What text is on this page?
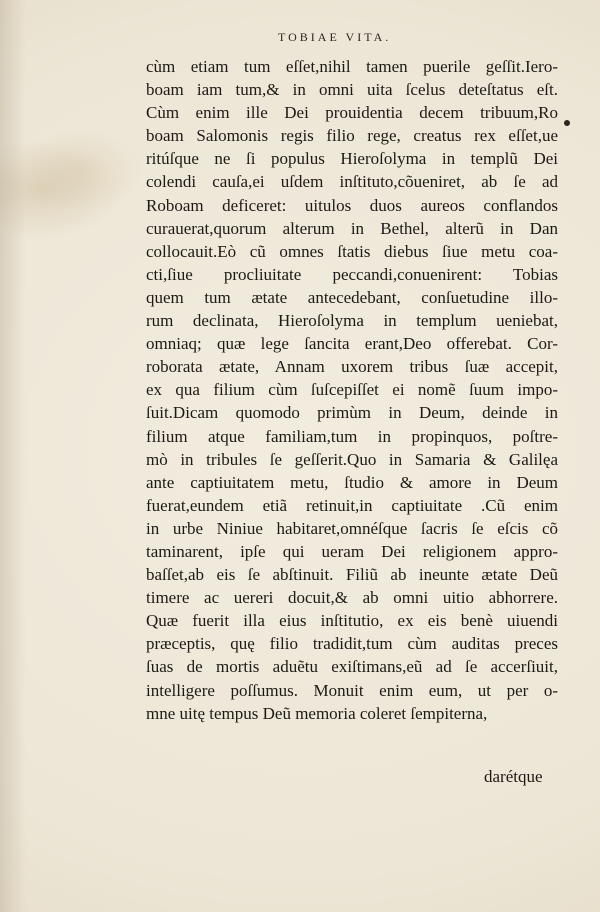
TOBIAE VITA.
cùm etiam tum eſſet,nihil tamen puerile geſſit.Iero-
boam iam tum,& in omni uita ſcelus deteſtatus eſt.
Cùm enim ille Dei prouidentia decem tribuum,Ro
boam Salomonis regis filio rege, creatus rex eſſet,ue
ritúſque ne ſi populus Hieroſolyma in templũ Dei
colendi cauſa,ei uſdem inſtituto,cõueniret, ab ſe ad
Roboam deficeret: uitulos duos aureos conflandos
curauerat,quorum alterum in Bethel, alterũ in Dan
collocauit.Eò cũ omnes ſtatis diebus ſiue metu coa-
cti,ſiue procliuitate peccandi,conuenirent: Tobias
quem tum ætate antecedebant, conſuetudine illo-
rum declinata, Hieroſolyma in templum ueniebat,
omniaq; quæ lege ſancita erant,Deo offerebat. Cor-
roborata ætate, Annam uxorem tribus ſuæ accepit,
ex qua filium cùm ſuſcepiſſet ei nomẽ ſuum impo-
ſuit.Dicam quomodo primùm in Deum, deinde in
filium atque familiam,tum in propinquos, poſtre-
mò in tribules ſe geſſerit.Quo in Samaria & Galilęa
ante captiuitatem metu, ſtudio & amore in Deum
fuerat,eundem etiã retinuit,in captiuitate .Cũ enim
in urbe Niniue habitaret,omnéſque ſacris ſe eſcis cõ
taminarent, ipſe qui ueram Dei religionem appro-
baſſet,ab eis ſe abſtinuit. Filiũ ab ineunte ætate Deũ
timere ac uereri docuit,& ab omni uitio abhorrere.
Quæ fuerit illa eius inſtitutio, ex eis benè uiuendi
præceptis, quę filio tradidit,tum cùm auditas preces
ſuas de mortis aduẽtu exiſtimans,eũ ad ſe accerſiuit,
intelligere poſſumus. Monuit enim eum, ut per o-
mne uitę tempus Deũ memoria coleret ſempiterna,
darétque
